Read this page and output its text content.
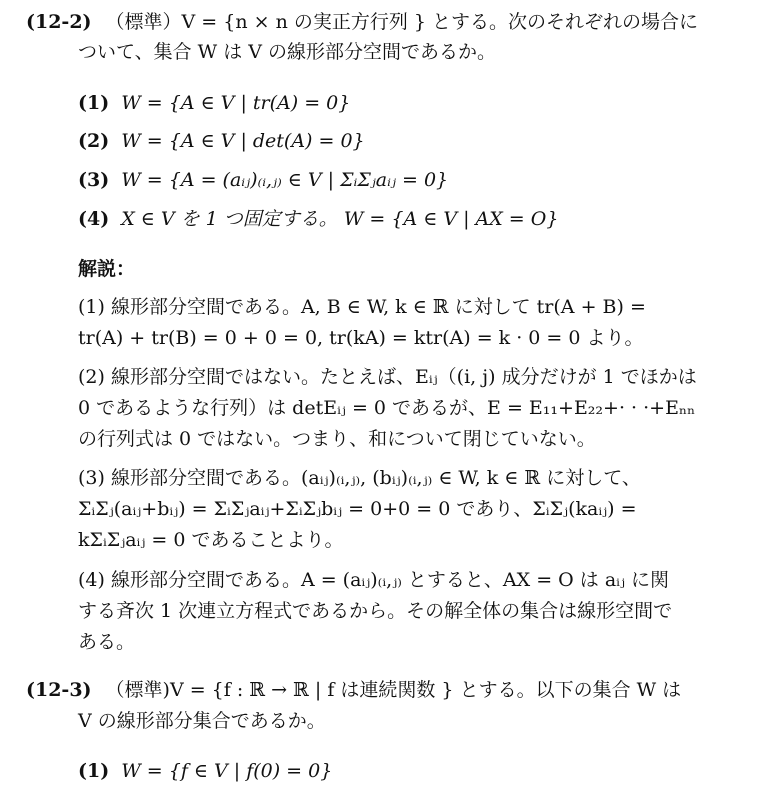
(12-2) （標準）V = {n × n の実正方行列 } とする。次のそれぞれの場合に
ついて、集合 W は V の線形部分空間であるか。
(1) W = {A ∈ V | tr(A) = 0}
(2) W = {A ∈ V | det(A) = 0}
(3) W = {A = (aᵢⱼ)₍ᵢ,ⱼ₎ ∈ V | ΣᵢΣⱼaᵢⱼ = 0}
(4) X ∈ V を 1 つ固定する。 W = {A ∈ V | AX = O}
解説：
(1) 線形部分空間である。A, B ∈ W, k ∈ ℝ に対して tr(A + B) =
tr(A) + tr(B) = 0 + 0 = 0, tr(kA) = ktr(A) = k · 0 = 0 より。
(2) 線形部分空間ではない。たとえば、Eᵢⱼ（(i, j) 成分だけが 1 でほかは
0 であるような行列）は detEᵢⱼ = 0 であるが、E = E₁₁+E₂₂+· · ·+Eₙₙ
の行列式は 0 ではない。つまり、和について閉じていない。
(3) 線形部分空間である。(aᵢⱼ)₍ᵢ,ⱼ₎, (bᵢⱼ)₍ᵢ,ⱼ₎ ∈ W, k ∈ ℝ に対して、
ΣᵢΣⱼ(aᵢⱼ+bᵢⱼ) = ΣᵢΣⱼaᵢⱼ+ΣᵢΣⱼbᵢⱼ = 0+0 = 0 であり、ΣᵢΣⱼ(kaᵢⱼ) =
kΣᵢΣⱼaᵢⱼ = 0 であることより。
(4) 線形部分空間である。A = (aᵢⱼ)₍ᵢ,ⱼ₎ とすると、AX = O は aᵢⱼ に関
する斉次 1 次連立方程式であるから。その解全体の集合は線形空間で
ある。
(12-3) （標準)V = {f : ℝ → ℝ | f は連続関数 } とする。以下の集合 W は
V の線形部分集合であるか。
(1) W = {f ∈ V | f(0) = 0}
